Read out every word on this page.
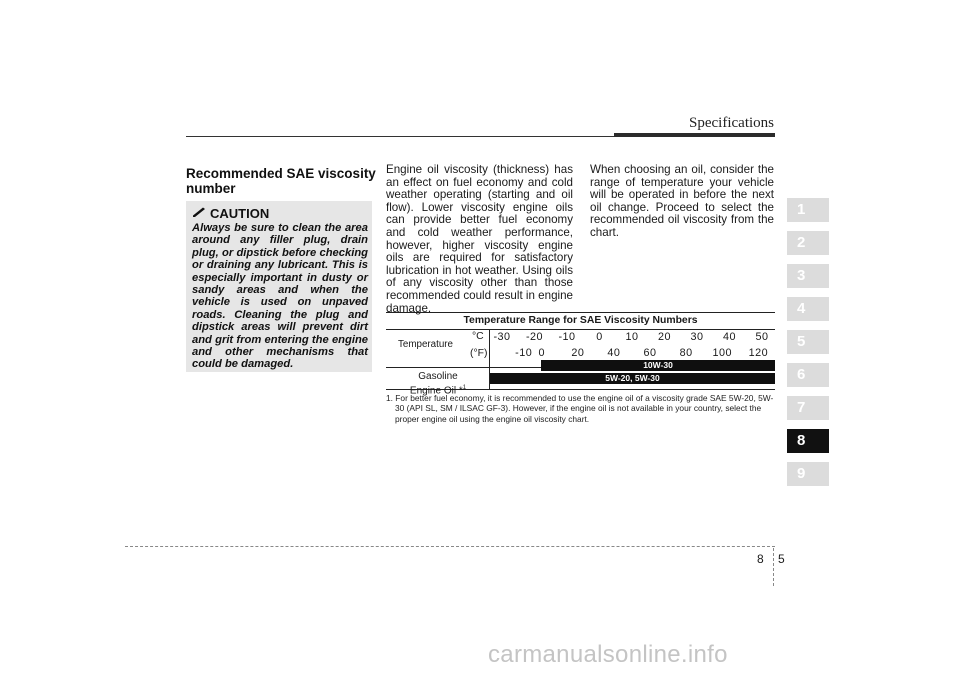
Specifications
Recommended SAE viscosity number
CAUTION
Always be sure to clean the area around any filler plug, drain plug, or dipstick before checking or draining any lubricant. This is especially important in dusty or sandy areas and when the vehicle is used on unpaved roads. Cleaning the plug and dipstick areas will prevent dirt and grit from entering the engine and other mechanisms that could be damaged.
Engine oil viscosity (thickness) has an effect on fuel economy and cold weather operating (starting and oil flow). Lower viscosity engine oils can provide better fuel economy and cold weather performance, however, higher viscosity engine oils are required for satisfactory lubrication in hot weather. Using oils of any viscosity other than those recommended could result in engine damage.
When choosing an oil, consider the range of temperature your vehicle will be operated in before the next oil change. Proceed to select the recommended oil viscosity from the chart.
Temperature Range for SAE Viscosity Numbers
Temperature
°C
(°F)
-30 -20 -10 0 10 20 30 40 50
-10 0 20 40 60 80 100 120
Gasoline
Engine Oil *$^1$
10W-30
5W-20, 5W-30
1. For better fuel economy, it is recommended to use the engine oil of a viscosity grade SAE 5W-20, 5W-30 (API SL, SM / ILSAC GF-3). However, if the engine oil is not available in your country, select the proper engine oil using the engine oil viscosity chart.
1
2
3
4
5
6
7
8
9
8 5
carmanualsonline.info
